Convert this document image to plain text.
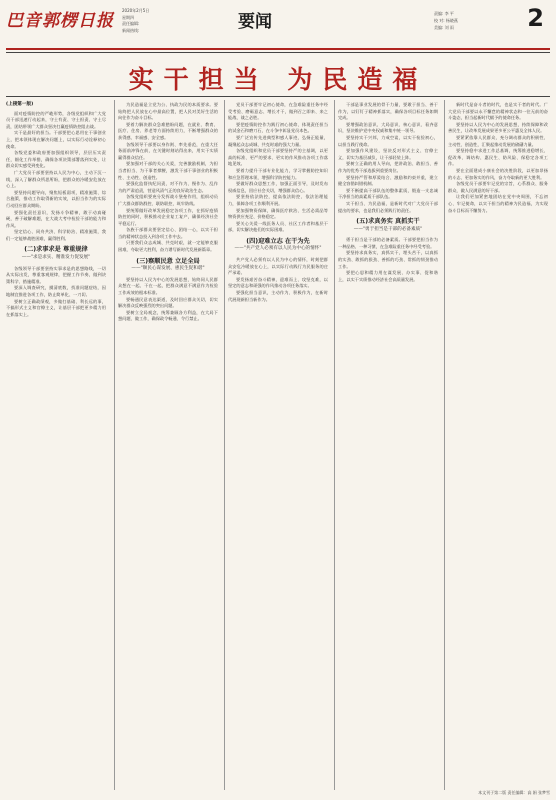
巴音郭楞日报
2020年2月5日
星期四
责任编辑:
新闻热线:	要闻	责编: 李 平
校 对: 杨晓燕
美编: 刘 雨	2
实干担当 为民造福
(上接第一版)

面对疫情防控的严峻形势，各级党组织和广大党员干部迅速行动起来，守土有责、守土担责、守土尽责，团结带领广大群众坚决打赢疫情防控阻击战。

实干是最好的担当。干部要把心思用在干事创业上，把本领体现在解决问题上，以实际行动诠释初心使命。

各级党委和政府要加强组织领导，层层压实责任，细化工作举措，确保各项决策部署落到实处，让群众切实感受到变化。

广大党员干部要坚持以人民为中心，主动下沉一线，深入了解群众所思所盼，把群众的冷暖安危放在心上。

要坚持问题导向，聚焦短板弱项，精准施策、综合施策，推动工作取得新的实效，以担当作为的实际行动回应群众期盼。

要强化责任意识，发扬斗争精神，敢于动真碰硬，善于破解难题，在大战大考中检验干部的能力和作风。

坚定信心、同舟共济、科学防治、精准施策，我们一定能够战胜困难，赢得胜利。

(二)求事求是 尊重规律
——"求是求实、精准发力促发展"

各级领导干部要坚持实事求是的思想路线，一切从实际出发，尊重客观规律，把握工作节奏，做到决策科学、措施精准。

要深入调查研究，摸清底数，找准问题症结，因地制宜推进各项工作，防止简单化、一刀切。

要树立正确政绩观，多做打基础、利长远的事，不搞形式主义和官僚主义，让基层干部把更多精力用在抓落实上。

为民造福是立党为公、执政为民的本质要求。要始终把人民放在心中最高位置，把人民对美好生活的向往作为奋斗目标。

要着力解决群众急难愁盼问题，在就业、教育、医疗、住房、养老等方面持续用力，不断增强群众的获得感、幸福感、安全感。

各级领导干部要以身作则、率先垂范，在重大任务面前冲锋在前，在关键时刻站得出来，用实干实绩赢得群众信任。

要加强对干部的关心关爱，完善激励机制，为担当者担当、为干事者撑腰，激发干部干事创业的积极性、主动性、创造性。

要强化监督执纪问责，对不作为、慢作为、乱作为的严肃追责，营造风清气正的良好政治生态。

各级党组织要充分发挥战斗堡垒作用，组织动员广大群众群防群控、联防联控，筑牢防线。

要统筹做好改革发展稳定各项工作，在抓好疫情防控的同时，积极推动企业复工复产，确保经济社会平稳运行。

各族干部群众要坚定信心、团结一心，以实干担当的精神状态投入到各项工作中去。

只要我们众志成城、共克时艰，就一定能够克服困难，夺取更大胜利，奋力谱写新时代发展新篇章。

(三)察顺民意 立足全局
——"顺民心谋发展、惠民生促和谐"

要坚持以人民为中心的发展思想，始终同人民群众想在一起、干在一起，把群众满意不满意作为检验工作成效的根本标准。

要畅通民意表达渠道，及时回应群众关切，切实解决群众反映强烈的突出问题。

要树立全局观念，统筹兼顾各方利益，在大局下想问题、做工作，确保政令畅通、令行禁止。

党员干部要牢记初心使命，在急难险重任务中经受考验、磨砺意志、增长才干，做到召之即来、来之能战、战之必胜。

要把疫情防控作为践行初心使命、体现责任担当的试金石和磨刀石，在斗争中彰显党员本色。

要广泛宣传先进典型和感人事迹，弘扬正能量，凝聚起众志成城、共克时艰的强大力量。

各级党组织和党员干部要坚持严的主基调，以更高的标准、更严的要求、更实的作风推动各项工作落地见效。

要着力提升干部专业化能力，学习掌握防控知识和应急管理本领，增强科学防控能力。

要做好群众思想工作，加强正面引导，及时发布权威信息，回应社会关切，增强群众信心。

要坚持依法防控，提高依法防控、依法治理能力，保障各项工作顺利开展。

要加强物资保障，确保医疗救治、生活必需品等物资供应充足、价格稳定。

要关心关爱一线医务人员、社区工作者和基层干部，切实解决他们的实际困难。

(四)迎难立志 在干为先
——"共产党人必须有以人民为中心的情怀"

共产党人必须有以人民为中心的情怀，时刻把群众安危冷暖放在心上，以实际行动践行为民服务的庄严承诺。

要发扬艰苦奋斗精神，迎难而上、攻坚克难，以坚定的意志和顽强的作风推动各项任务落实。

要强化担当意识，主动作为、积极作为，在新时代展现新担当新作为。

干部是事业发展的骨干力量，要敢于担当、善于作为，以钉钉子精神抓落实，确保各项目标任务如期完成。

要增强政治意识、大局意识、核心意识、看齐意识，坚决维护党中央权威和集中统一领导。

要坚持实干兴邦，力戒空谈，以实干检验初心，以担当践行使命。

要加强作风建设，坚决反对形式主义、官僚主义，切实为基层减负，让干部轻装上阵。

要树立正确的用人导向，把讲政治、敢担当、善作为的优秀干部选拔到重要岗位。

要坚持严管和厚爱结合、激励和约束并重，建立健全容错纠错机制。

要不断提高干部队伍的整体素质，锻造一支忠诚干净担当的高素质干部队伍。

实干担当、为民造福，是新时代对广大党员干部提出的要求，也是我们必须践行的责任。

(五)求真务实 真抓实干
——"勇于担当是干部的必备素质"

勇于担当是干部的必备素质。干部要把担当作为一种品格、一种习惯，在急难险重任务中经受考验。

要坚持求真务实，真抓实干，埋头苦干，以真抓的实劲、敢抓的狠劲、善抓的巧劲、常抓的韧劲推动工作。

要把心思和精力用在谋发展、办实事、促和谐上，以实干实绩推动经济社会高质量发展。

新时代是奋斗者的时代，也是实干者的时代。广大党员干部要以永不懈怠的精神状态和一往无前的奋斗姿态，担当起新时代赋予的使命任务。

要坚持以人民为中心的发展思想，持续保障和改善民生，让改革发展成果更多更公平惠及全体人民。

要紧紧依靠人民群众，充分调动群众的积极性、主动性、创造性，汇聚起推动发展的磅礴力量。

要坚持稳中求进工作总基调，统筹推进稳增长、促改革、调结构、惠民生、防风险、保稳定各项工作。

要在全面建成小康社会的决胜阶段，以更加昂扬的斗志、更加务实的作风，奋力夺取新的更大胜利。

各级党员干部要牢记党的宗旨，心系群众、服务群众，做人民满意的好干部。

让我们更加紧密地团结在党中央周围，不忘初心、牢记使命，以实干担当的精神为民造福，为实现奋斗目标而不懈努力。

本文刊于第二版 责任编辑：高 娟 张梦雪
